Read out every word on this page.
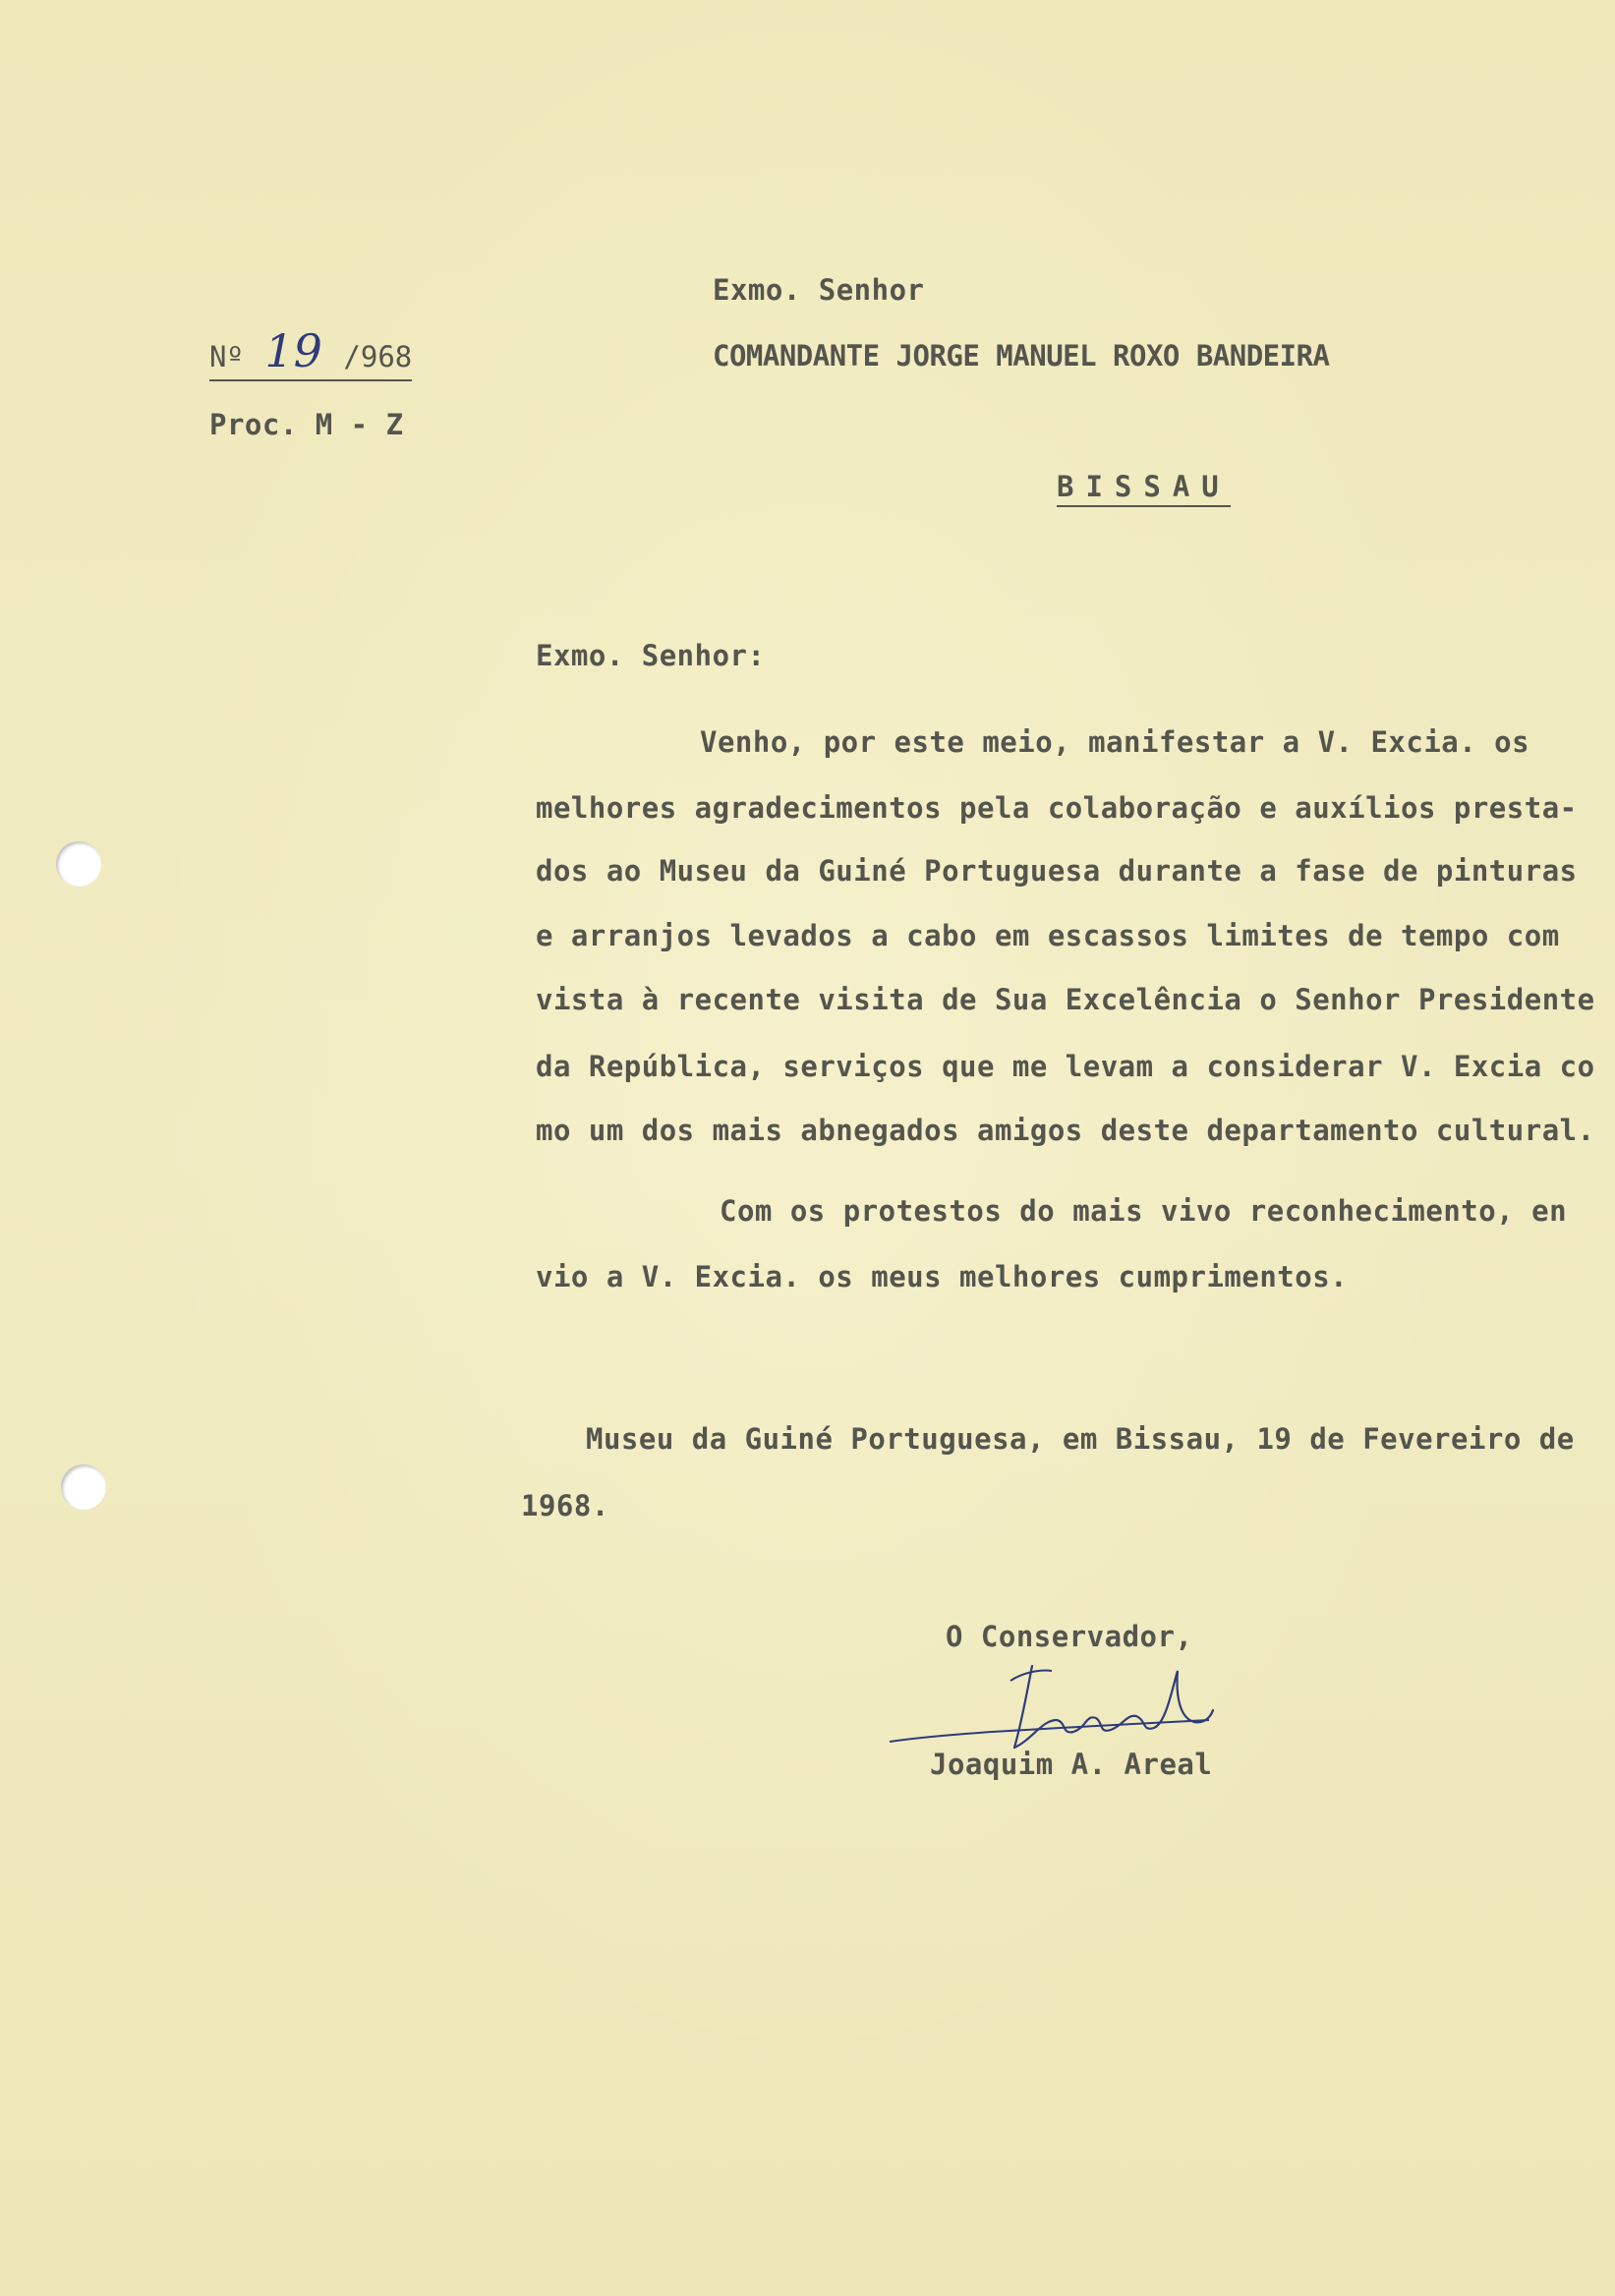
Exmo. Senhor
COMANDANTE JORGE MANUEL ROXO BANDEIRA
Nº 19 /968
Proc. M - Z
BISSAU
Exmo. Senhor:
Venho, por este meio, manifestar a V. Excia. os
melhores agradecimentos pela colaboração e auxílios presta-
dos ao Museu da Guiné Portuguesa durante a fase de pinturas
e arranjos levados a cabo em escassos limites de tempo com
vista à recente visita de Sua Excelência o Senhor Presidente
da República, serviços que me levam a considerar V. Excia co
mo um dos mais abnegados amigos deste departamento cultural.
Com os protestos do mais vivo reconhecimento, en
vio a V. Excia. os meus melhores cumprimentos.
Museu da Guiné Portuguesa, em Bissau, 19 de Fevereiro de
1968.
O Conservador,
Joaquim A. Areal
